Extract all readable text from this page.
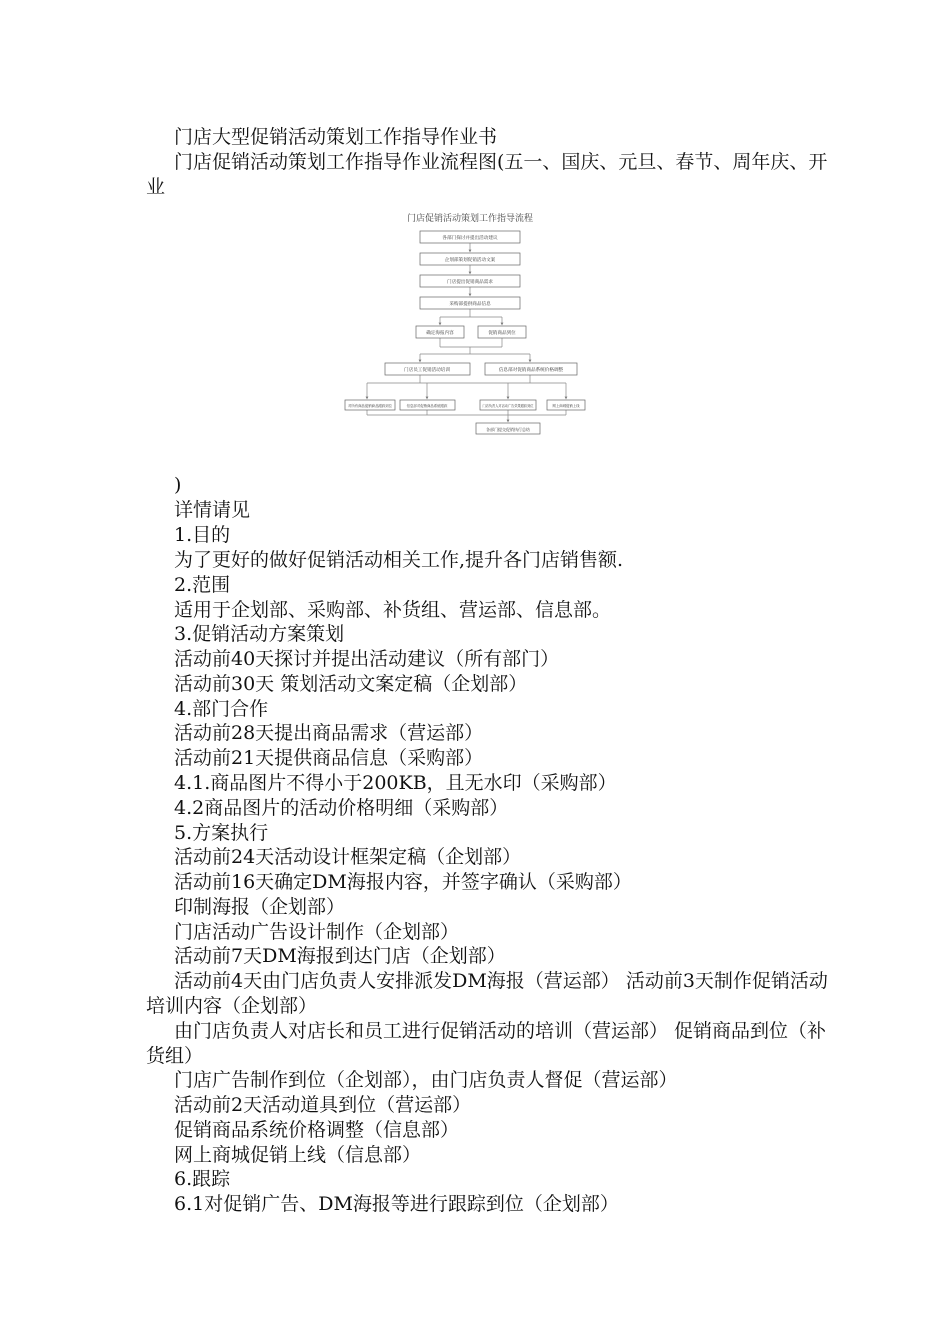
门店大型促销活动策划工作指导作业书
门店促销活动策划工作指导作业流程图(五一、国庆、元旦、春节、周年庆、开业
门店促销活动策划工作指导流程
各部门探讨并提出活动建议
企划部策划促销活动文案
门店提出促销商品需求
采购部提供商品信息
确定海报内容	促销商品到位
门店员工促销活动培训	信息部对促销商品系统价格调整
对所有商品促销商品跟踪到位	信息部对促销商品系统跟踪	门店负责人对活动广告效果跟踪到位	网上商城促销上线
各部门提交促销执行总结
)
详情请见
1.目的
为了更好的做好促销活动相关工作,提升各门店销售额.
2.范围
适用于企划部、采购部、补货组、营运部、信息部。
3.促销活动方案策划
活动前40天探讨并提出活动建议（所有部门）
活动前30天 策划活动文案定稿（企划部）
4.部门合作
活动前28天提出商品需求（营运部）
活动前21天提供商品信息（采购部）
4.1.商品图片不得小于200KB，且无水印（采购部）
4.2商品图片的活动价格明细（采购部）
5.方案执行
活动前24天活动设计框架定稿（企划部）
活动前16天确定DM海报内容，并签字确认（采购部）
印制海报（企划部）
门店活动广告设计制作（企划部）
活动前7天DM海报到达门店（企划部）
活动前4天由门店负责人安排派发DM海报（营运部） 活动前3天制作促销活动培训内容（企划部）
由门店负责人对店长和员工进行促销活动的培训（营运部） 促销商品到位（补货组）
门店广告制作到位（企划部），由门店负责人督促（营运部）
活动前2天活动道具到位（营运部）
促销商品系统价格调整（信息部）
网上商城促销上线（信息部）
6.跟踪
6.1对促销广告、DM海报等进行跟踪到位（企划部）
